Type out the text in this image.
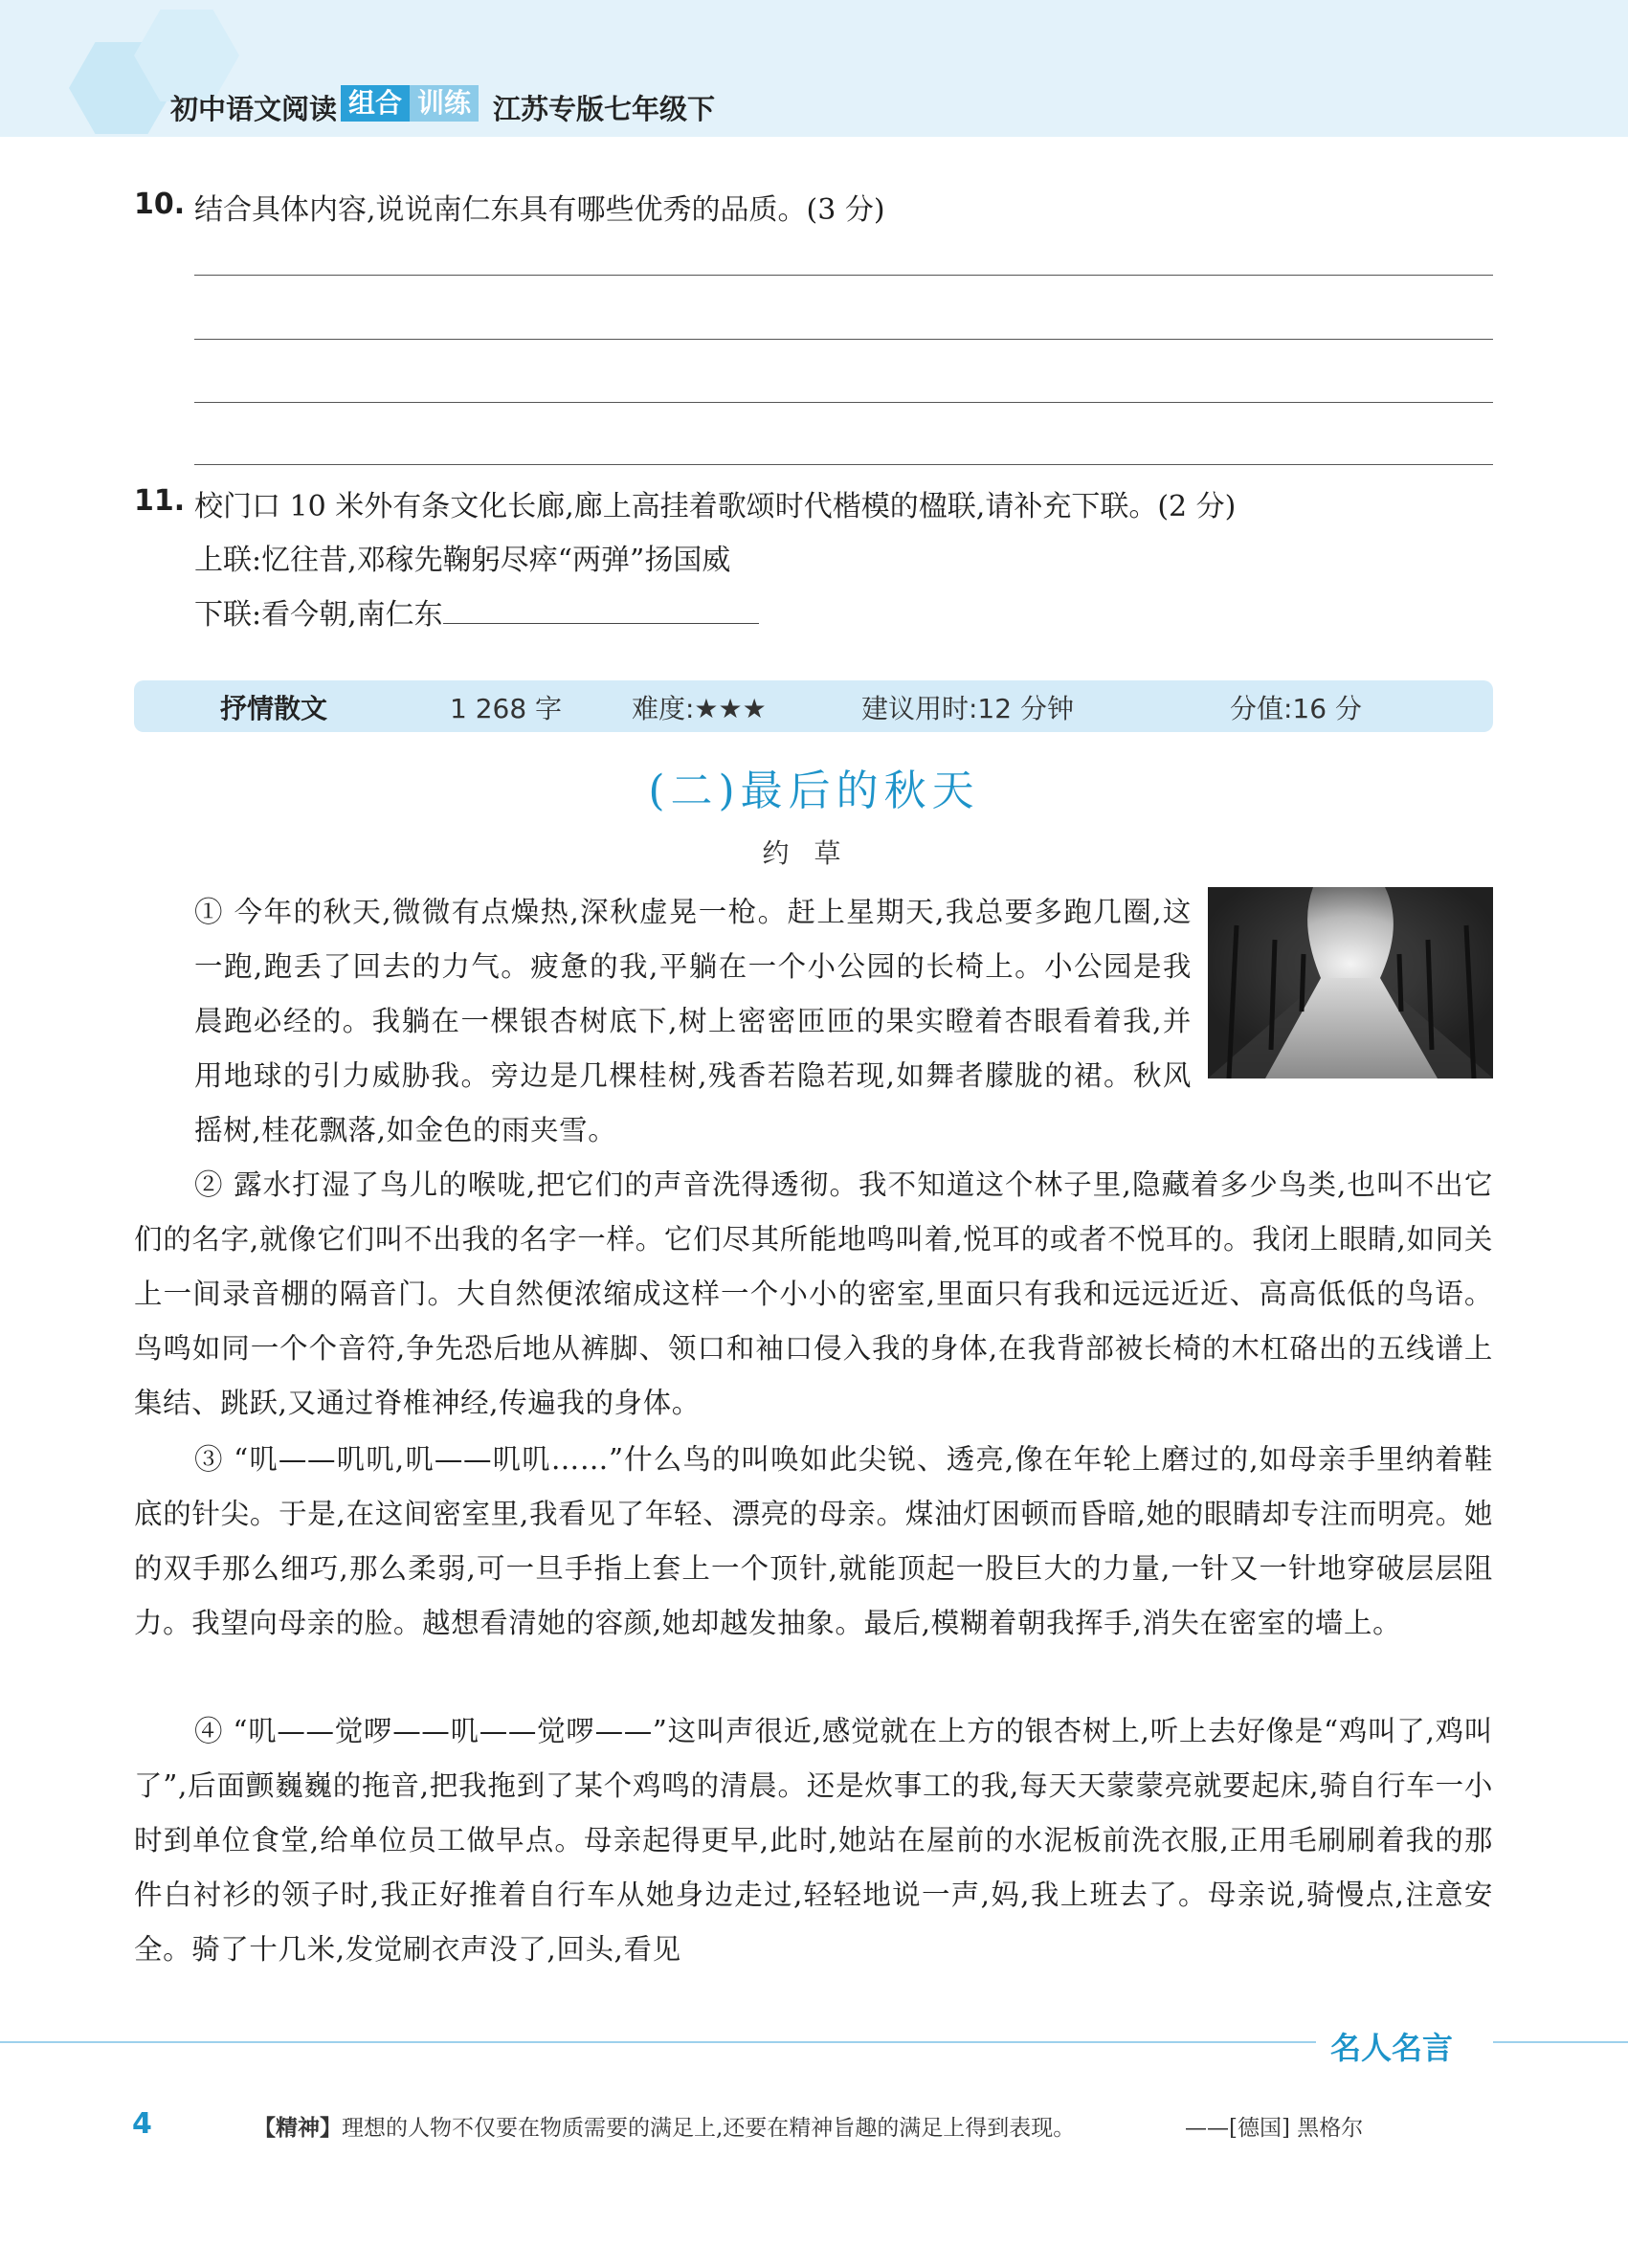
初中语文阅读 组合 训练 江苏专版七年级下
10. 结合具体内容,说说南仁东具有哪些优秀的品质。(3 分)
11. 校门口 10 米外有条文化长廊,廊上高挂着歌颂时代楷模的楹联,请补充下联。(2 分)
上联:忆往昔,邓稼先鞠躬尽瘁“两弹”扬国威
下联:看今朝,南仁东
抒情散文	1 268 字	难度:★★★	建议用时:12 分钟	分值:16 分
(二)最后的秋天
约草
① 今年的秋天,微微有点燥热,深秋虚晃一枪。赶上星期天,我总要多跑几圈,这一跑,跑丢了回去的力气。疲惫的我,平躺在一个小公园的长椅上。小公园是我晨跑必经的。我躺在一棵银杏树底下,树上密密匝匝的果实瞪着杏眼看着我,并用地球的引力威胁我。旁边是几棵桂树,残香若隐若现,如舞者朦胧的裙。秋风摇树,桂花飘落,如金色的雨夹雪。
② 露水打湿了鸟儿的喉咙,把它们的声音洗得透彻。我不知道这个林子里,隐藏着多少鸟类,也叫不出它们的名字,就像它们叫不出我的名字一样。它们尽其所能地鸣叫着,悦耳的或者不悦耳的。我闭上眼睛,如同关上一间录音棚的隔音门。大自然便浓缩成这样一个小小的密室,里面只有我和远远近近、高高低低的鸟语。鸟鸣如同一个个音符,争先恐后地从裤脚、领口和袖口侵入我的身体,在我背部被长椅的木杠硌出的五线谱上集结、跳跃,又通过脊椎神经,传遍我的身体。
③ “叽——叽叽,叽——叽叽……”什么鸟的叫唤如此尖锐、透亮,像在年轮上磨过的,如母亲手里纳着鞋底的针尖。于是,在这间密室里,我看见了年轻、漂亮的母亲。煤油灯困顿而昏暗,她的眼睛却专注而明亮。她的双手那么细巧,那么柔弱,可一旦手指上套上一个顶针,就能顶起一股巨大的力量,一针又一针地穿破层层阻力。我望向母亲的脸。越想看清她的容颜,她却越发抽象。最后,模糊着朝我挥手,消失在密室的墙上。
④ “叽——觉啰——叽——觉啰——”这叫声很近,感觉就在上方的银杏树上,听上去好像是“鸡叫了,鸡叫了”,后面颤巍巍的拖音,把我拖到了某个鸡鸣的清晨。还是炊事工的我,每天天蒙蒙亮就要起床,骑自行车一小时到单位食堂,给单位员工做早点。母亲起得更早,此时,她站在屋前的水泥板前洗衣服,正用毛刷刷着我的那件白衬衫的领子时,我正好推着自行车从她身边走过,轻轻地说一声,妈,我上班去了。母亲说,骑慢点,注意安全。骑了十几米,发觉刷衣声没了,回头,看见
名人名言
4	【精神】理想的人物不仅要在物质需要的满足上,还要在精神旨趣的满足上得到表现。	——[德国] 黑格尔
